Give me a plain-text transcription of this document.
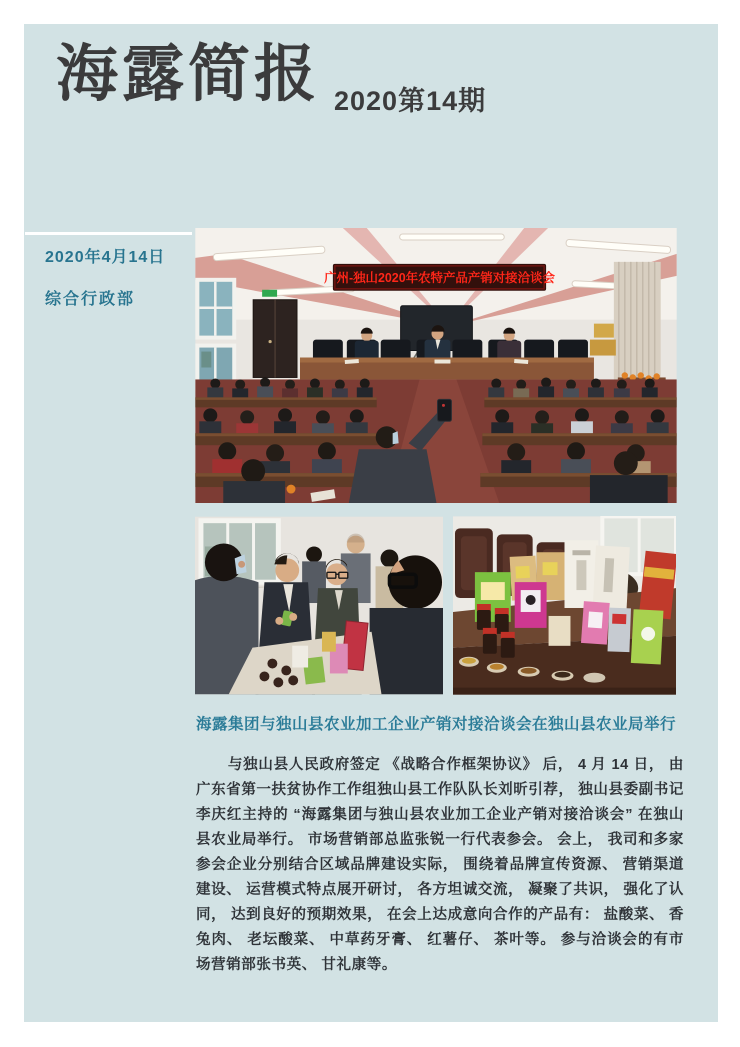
海露简报 2020第14期
2020年4月14日
综合行政部
广州-独山2020年农特产品产销对接洽谈会
海露集团与独山县农业加工企业产销对接洽谈会在独山县农业局举行
与独山县人民政府签定 《战略合作框架协议》 后， 4 月 14 日， 由广东省第一扶贫协作工作组独山县工作队队长刘昕引荐， 独山县委副书记李庆红主持的 “海露集团与独山县农业加工企业产销对接洽谈会” 在独山县农业局举行。 市场营销部总监张锐一行代表参会。 会上， 我司和多家参会企业分别结合区域品牌建设实际， 围绕着品牌宣传资源、 营销渠道建设、 运营模式特点展开研讨， 各方坦诚交流， 凝聚了共识， 强化了认同， 达到良好的预期效果， 在会上达成意向合作的产品有： 盐酸菜、 香兔肉、 老坛酸菜、 中草药牙膏、 红薯仔、 茶叶等。 参与洽谈会的有市场营销部张书英、 甘礼康等。
